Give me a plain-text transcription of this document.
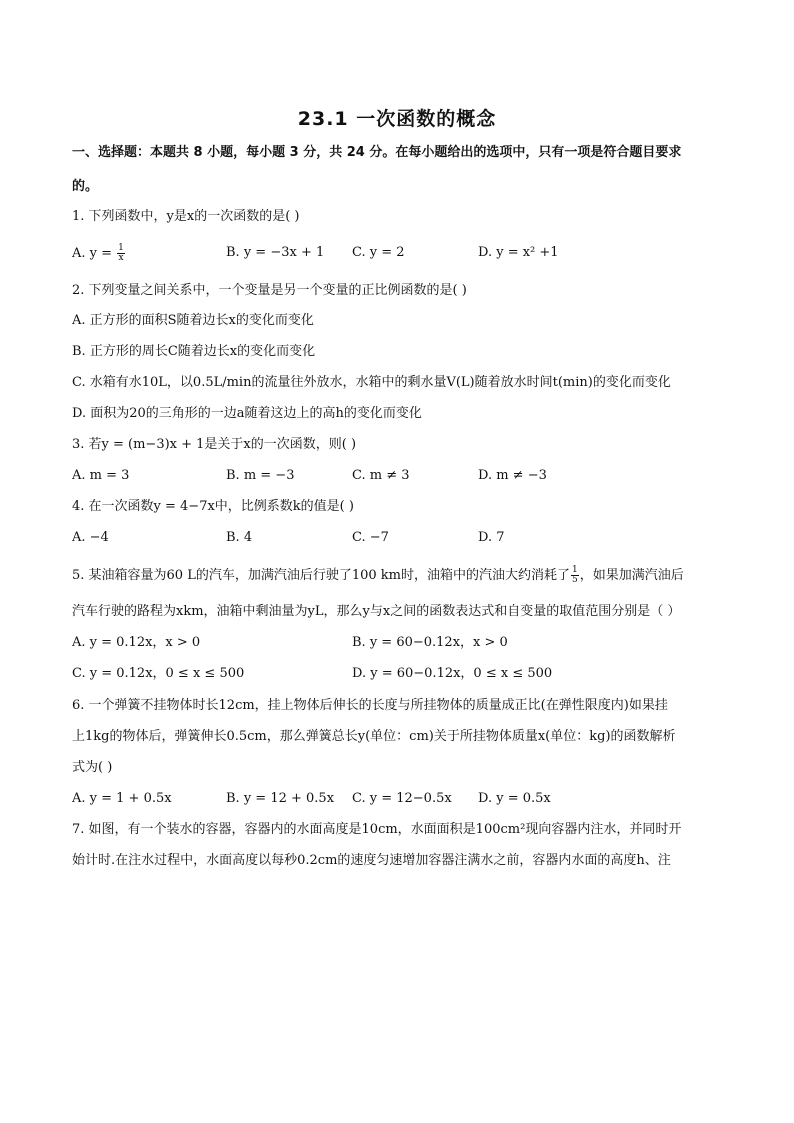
23.1 一次函数的概念
一、选择题：本题共 8 小题，每小题 3 分，共 24 分。在每小题给出的选项中，只有一项是符合题目要求
的。
1. 下列函数中，y是x的一次函数的是( )
A. $y = \frac{1}{x}$	B. y = −3x + 1 C. y = 2	D. y = x² +1
2. 下列变量之间关系中，一个变量是另一个变量的正比例函数的是( )
A. 正方形的面积S随着边长x的变化而变化
B. 正方形的周长C随着边长x的变化而变化
C. 水箱有水10L，以0.5L/min的流量往外放水，水箱中的剩水量V(L)随着放水时间t(min)的变化而变化
D. 面积为20的三角形的一边a随着这边上的高h的变化而变化
3. 若y = (m−3)x + 1是关于x的一次函数，则( )
A. m = 3	B. m = −3	C. m ≠ 3	D. m ≠ −3
4. 在一次函数y = 4−7x中，比例系数k的值是( )
A. −4	B. 4	C. −7	D. 7
5. 某油箱容量为60 L的汽车，加满汽油后行驶了100 km时，油箱中的汽油大约消耗了 $\frac{1}{5}$ ，如果加满汽油后
汽车行驶的路程为xkm，油箱中剩油量为yL，那么y与x之间的函数表达式和自变量的取值范围分别是（ ）
A. y = 0.12x，x > 0	B. y = 60−0.12x，x > 0
C. y = 0.12x，0 ≤ x ≤ 500	D. y = 60−0.12x，0 ≤ x ≤ 500
6. 一个弹簧不挂物体时长12cm，挂上物体后伸长的长度与所挂物体的质量成正比(在弹性限度内)如果挂
上1kg的物体后，弹簧伸长0.5cm，那么弹簧总长y(单位：cm)关于所挂物体质量x(单位：kg)的函数解析
式为( )
A. y = 1 + 0.5x	B. y = 12 + 0.5x C. y = 12−0.5x D. y = 0.5x
7. 如图，有一个装水的容器，容器内的水面高度是10cm，水面面积是100cm²现向容器内注水，并同时开
始计时.在注水过程中，水面高度以每秒0.2cm的速度匀速增加容器注满水之前，容器内水面的高度h、注
